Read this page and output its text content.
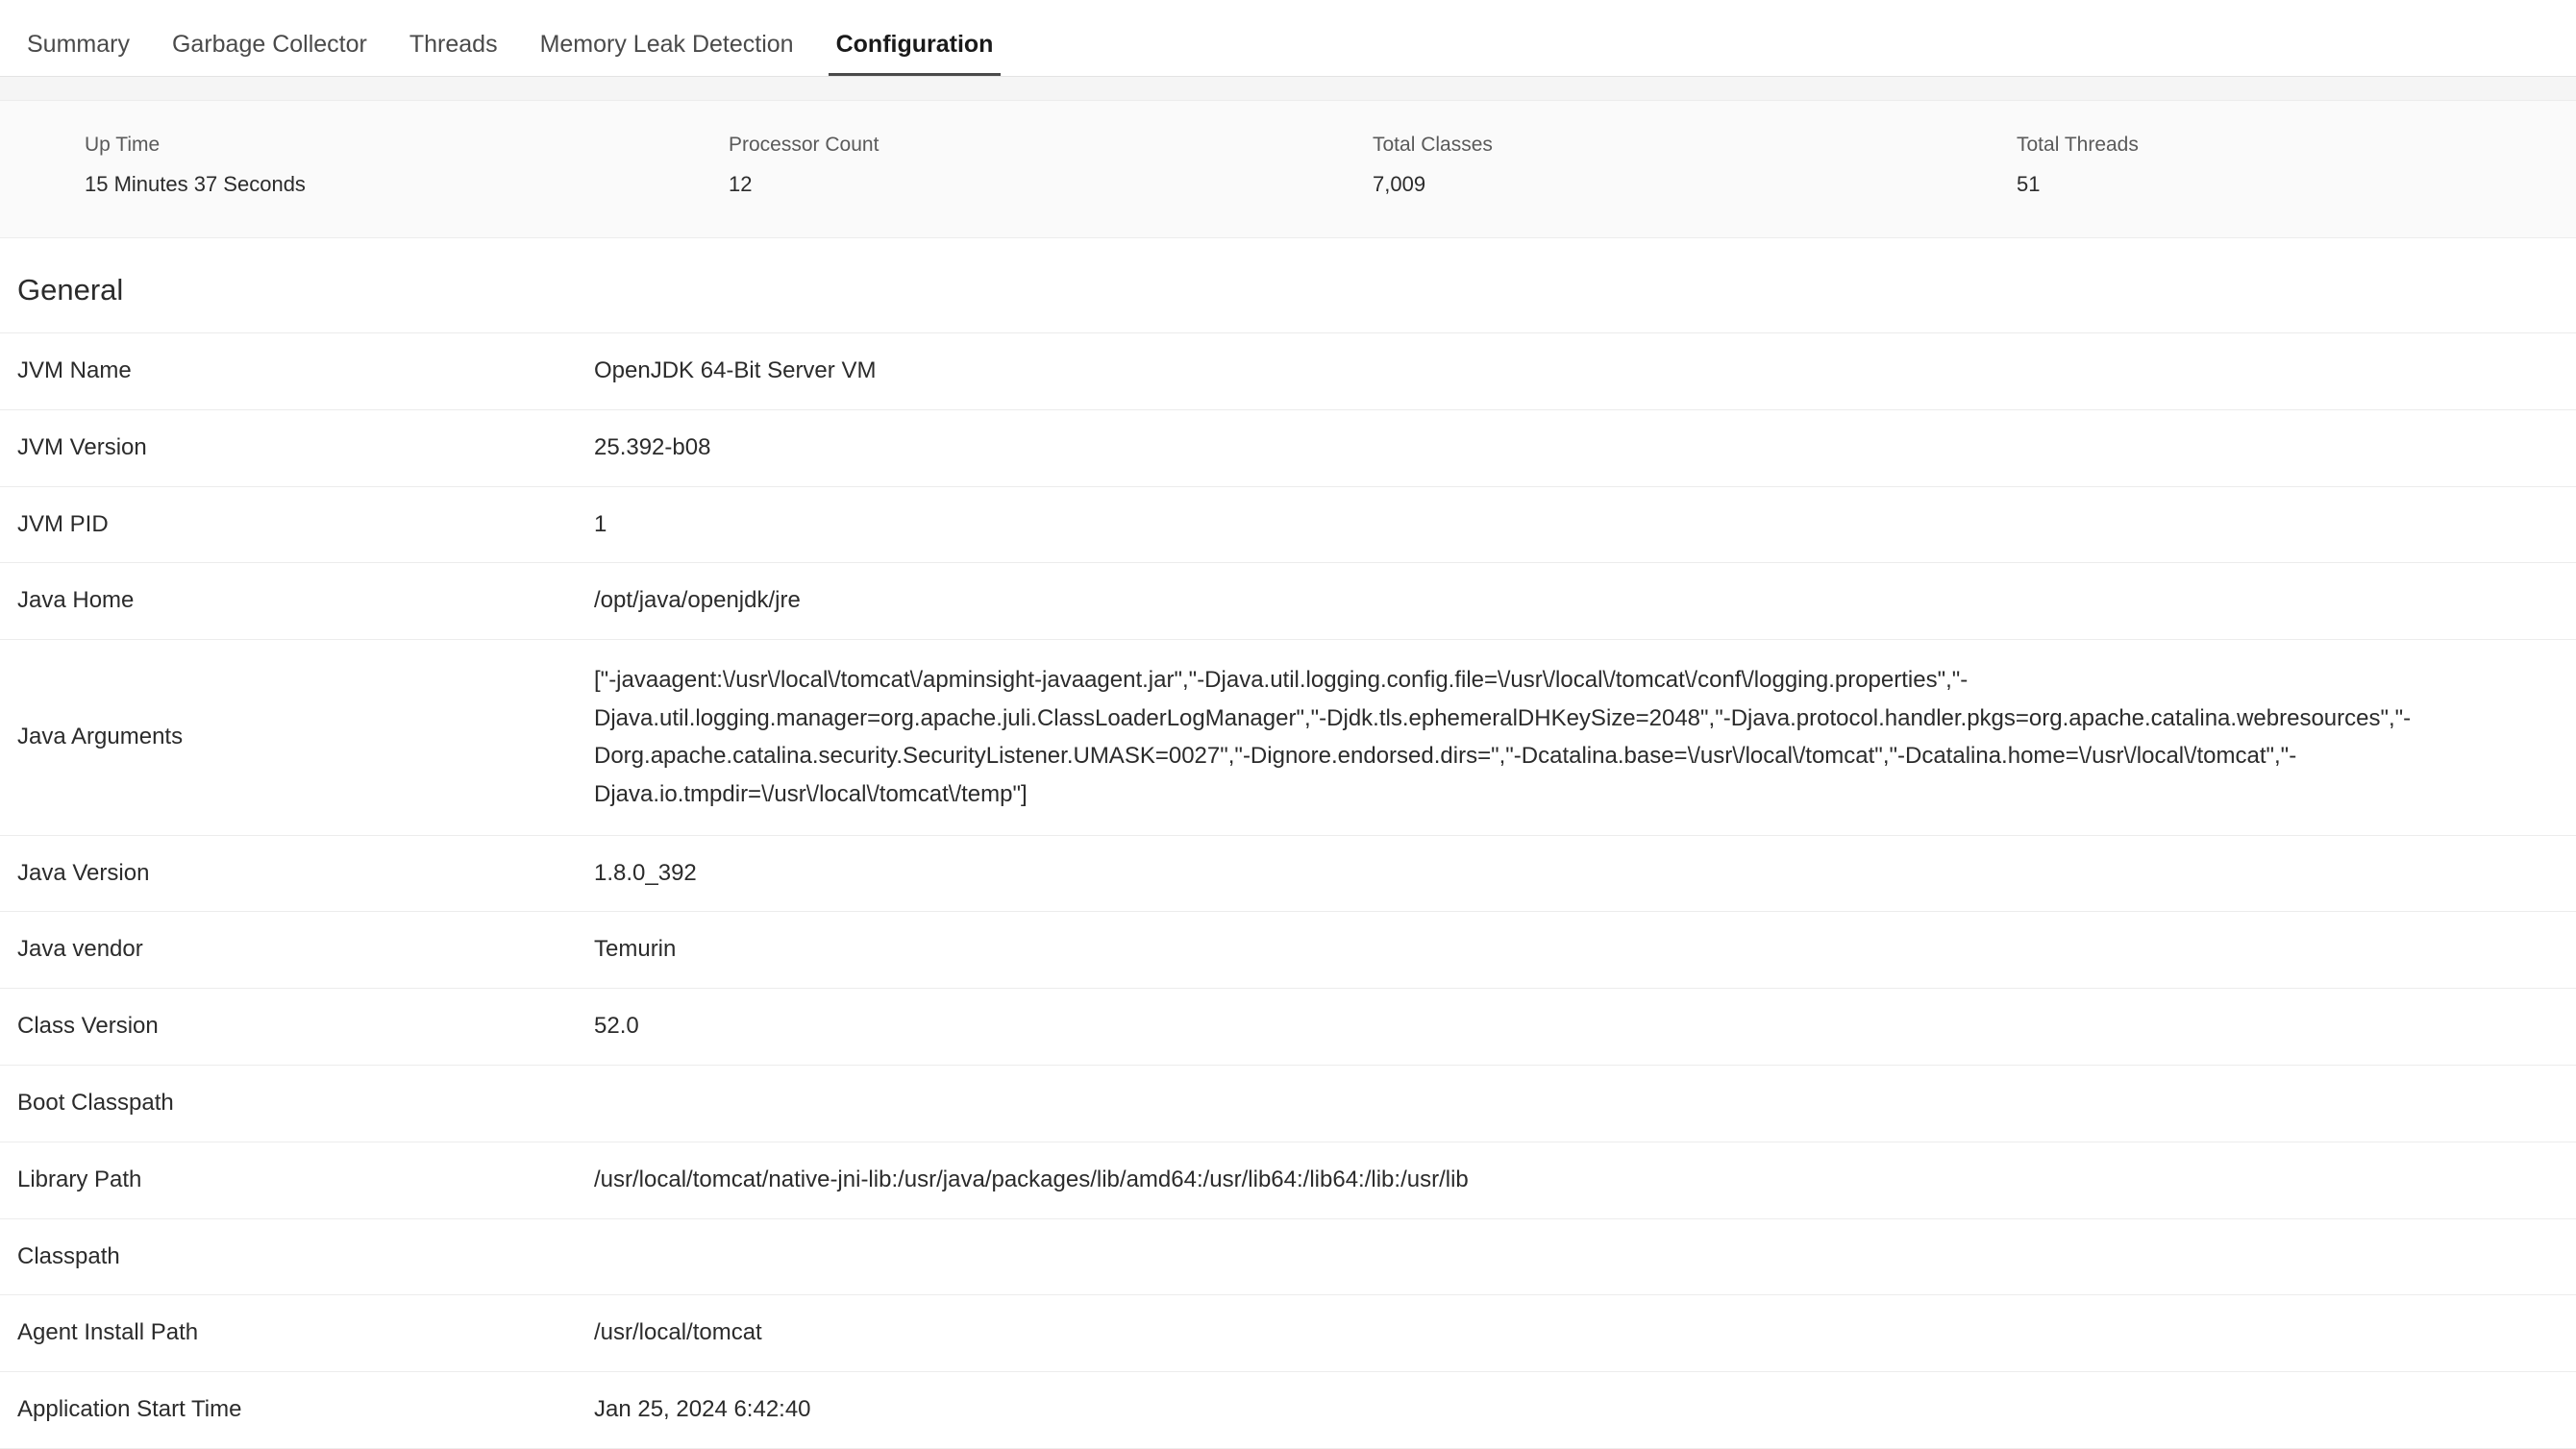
Summary	Garbage Collector	Threads	Memory Leak Detection	Configuration
Up Time
15 Minutes 37 Seconds
Processor Count
12
Total Classes
7,009
Total Threads
51
General
JVM Name	OpenJDK 64-Bit Server VM
JVM Version	25.392-b08
JVM PID	1
Java Home	/opt/java/openjdk/jre
Java Arguments	["-javaagent:\/usr\/local\/tomcat\/apminsight-javaagent.jar","-Djava.util.logging.config.file=\/usr\/local\/tomcat\/conf\/logging.properties","-Djava.util.logging.manager=org.apache.juli.ClassLoaderLogManager","-Djdk.tls.ephemeralDHKeySize=2048","-Djava.protocol.handler.pkgs=org.apache.catalina.webresources","-Dorg.apache.catalina.security.SecurityListener.UMASK=0027","-Dignore.endorsed.dirs=","-Dcatalina.base=\/usr\/local\/tomcat","-Dcatalina.home=\/usr\/local\/tomcat","-Djava.io.tmpdir=\/usr\/local\/tomcat\/temp"]
Java Version	1.8.0_392
Java vendor	Temurin
Class Version	52.0
Boot Classpath	
Library Path	/usr/local/tomcat/native-jni-lib:/usr/java/packages/lib/amd64:/usr/lib64:/lib64:/lib:/usr/lib
Classpath	
Agent Install Path	/usr/local/tomcat
Application Start Time	Jan 25, 2024 6:42:40
